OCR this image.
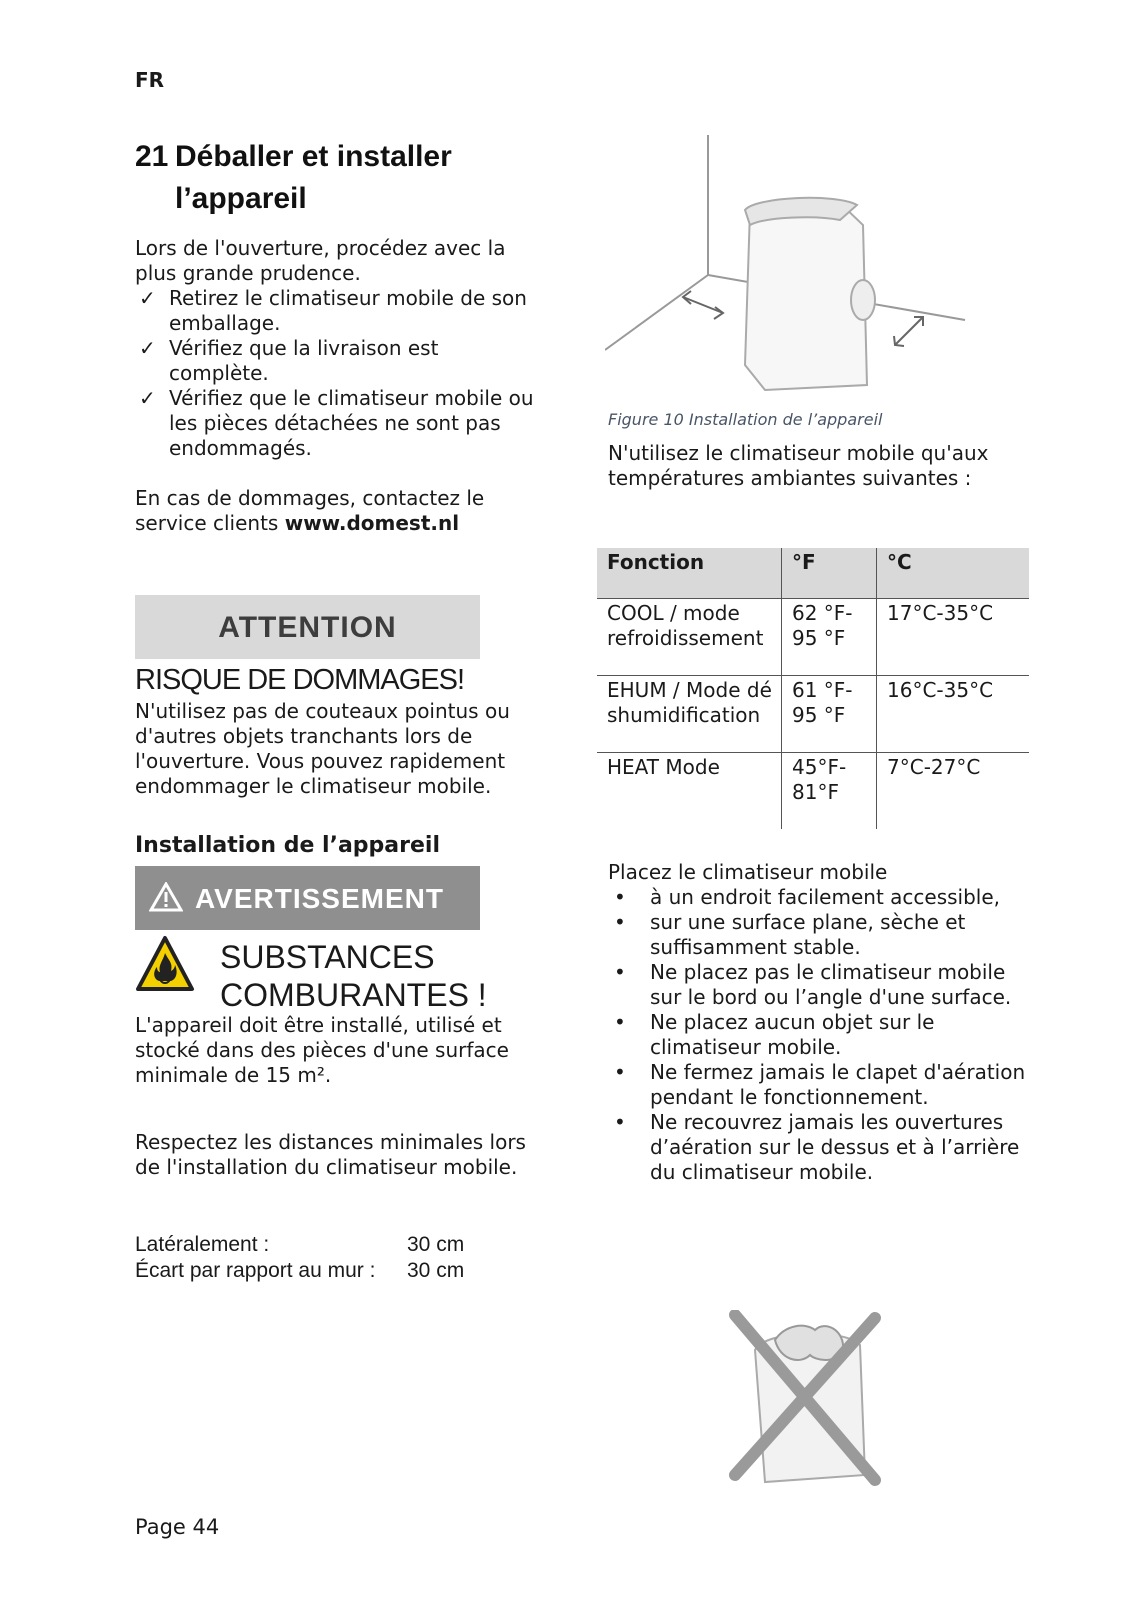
FR
21 Déballer et installer
l’appareil

Lors de l'ouverture, procédez avec la plus grande prudence.

✓ Retirez le climatiseur mobile de son emballage.
✓ Vérifiez que la livraison est complète.
✓ Vérifiez que le climatiseur mobile ou les pièces détachées ne sont pas endommagés.

En cas de dommages, contactez le service clients www.domest.nl

ATTENTION
RISQUE DE DOMMAGES!

N'utilisez pas de couteaux pointus ou d'autres objets tranchants lors de l'ouverture. Vous pouvez rapidement endommager le climatiseur mobile.

Installation de l’appareil
AVERTISSEMENT
SUBSTANCES
COMBURANTES !

L'appareil doit être installé, utilisé et stocké dans des pièces d'une surface minimale de 15 m².

Respectez les distances minimales lors de l'installation du climatiseur mobile.

Latéralement :	30 cm
Écart par rapport au mur :	30 cm
Figure 10 Installation de l’appareil

N'utilisez le climatiseur mobile qu'aux températures ambiantes suivantes :

Fonction	°F	°C
COOL / mode refroidissement	62 °F-95 °F	17°C-35°C
EHUM / Mode déshumidification	61 °F-95 °F	16°C-35°C
HEAT Mode	45°F-81°F	7°C-27°C

Placez le climatiseur mobile

• à un endroit facilement accessible,
• sur une surface plane, sèche et suffisamment stable.
• Ne placez pas le climatiseur mobile sur le bord ou l’angle d'une surface.
• Ne placez aucun objet sur le climatiseur mobile.
• Ne fermez jamais le clapet d'aération pendant le fonctionnement.
• Ne recouvrez jamais les ouvertures d’aération sur le dessus et à l’arrière du climatiseur mobile.
Page 44
